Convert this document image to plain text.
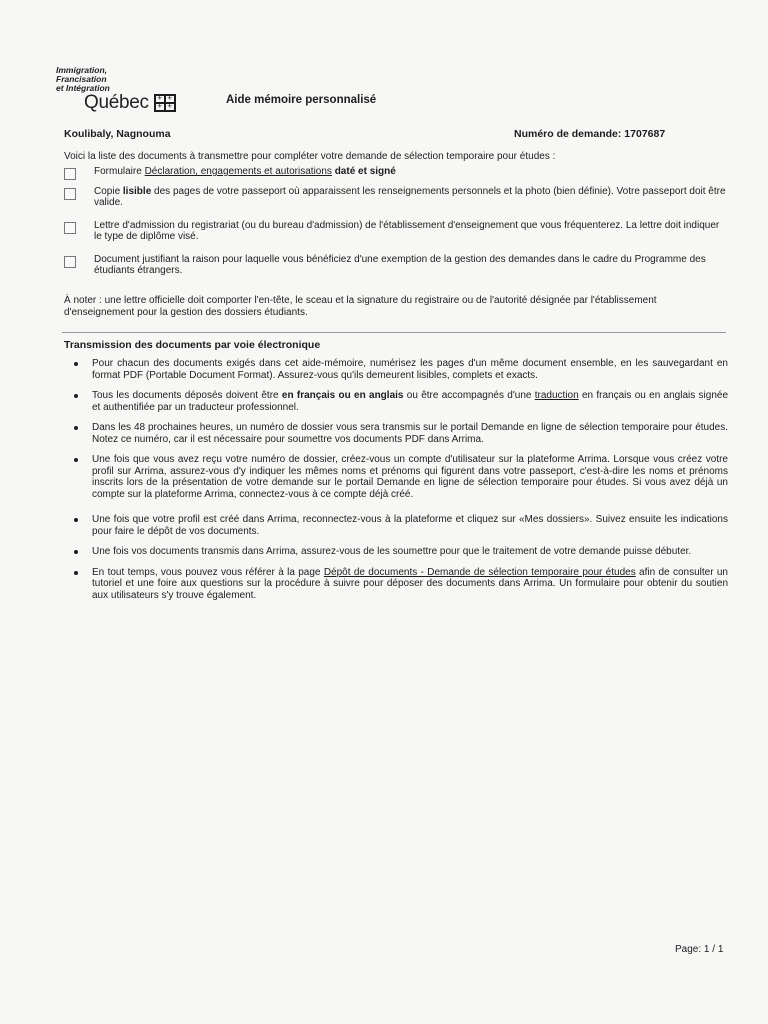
Immigration,
Francisation
et Intégration
Québec ⚜ ⚜
⚜ ⚜
Aide mémoire personnalisé
Koulibaly, Nagnouma	Numéro de demande: 1707687
Voici la liste des documents à transmettre pour compléter votre demande de sélection temporaire pour études :
Formulaire Déclaration, engagements et autorisations daté et signé
Copie lisible des pages de votre passeport où apparaissent les renseignements personnels et la photo (bien définie). Votre passeport doit être valide.
Lettre d'admission du registrariat (ou du bureau d'admission) de l'établissement d'enseignement que vous fréquenterez. La lettre doit indiquer le type de diplôme visé.
Document justifiant la raison pour laquelle vous bénéficiez d'une exemption de la gestion des demandes dans le cadre du Programme des étudiants étrangers.
À noter : une lettre officielle doit comporter l'en-tête, le sceau et la signature du registraire ou de l'autorité désignée par l'établissement d'enseignement pour la gestion des dossiers étudiants.
Transmission des documents par voie électronique
Pour chacun des documents exigés dans cet aide-mémoire, numérisez les pages d'un même document ensemble, en les sauvegardant en format PDF (Portable Document Format). Assurez-vous qu'ils demeurent lisibles, complets et exacts.
Tous les documents déposés doivent être en français ou en anglais ou être accompagnés d'une traduction en français ou en anglais signée et authentifiée par un traducteur professionnel.
Dans les 48 prochaines heures, un numéro de dossier vous sera transmis sur le portail Demande en ligne de sélection temporaire pour études. Notez ce numéro, car il est nécessaire pour soumettre vos documents PDF dans Arrima.
Une fois que vous avez reçu votre numéro de dossier, créez-vous un compte d'utilisateur sur la plateforme Arrima. Lorsque vous créez votre profil sur Arrima, assurez-vous d'y indiquer les mêmes noms et prénoms qui figurent dans votre passeport, c'est-à-dire les noms et prénoms inscrits lors de la présentation de votre demande sur le portail Demande en ligne de sélection temporaire pour études. Si vous avez déjà un compte sur la plateforme Arrima, connectez-vous à ce compte déjà créé.
Une fois que votre profil est créé dans Arrima, reconnectez-vous à la plateforme et cliquez sur «Mes dossiers». Suivez ensuite les indications pour faire le dépôt de vos documents.
Une fois vos documents transmis dans Arrima, assurez-vous de les soumettre pour que le traitement de votre demande puisse débuter.
En tout temps, vous pouvez vous référer à la page Dépôt de documents - Demande de sélection temporaire pour études afin de consulter un tutoriel et une foire aux questions sur la procédure à suivre pour déposer des documents dans Arrima. Un formulaire pour obtenir du soutien aux utilisateurs s'y trouve également.
Page: 1 / 1
